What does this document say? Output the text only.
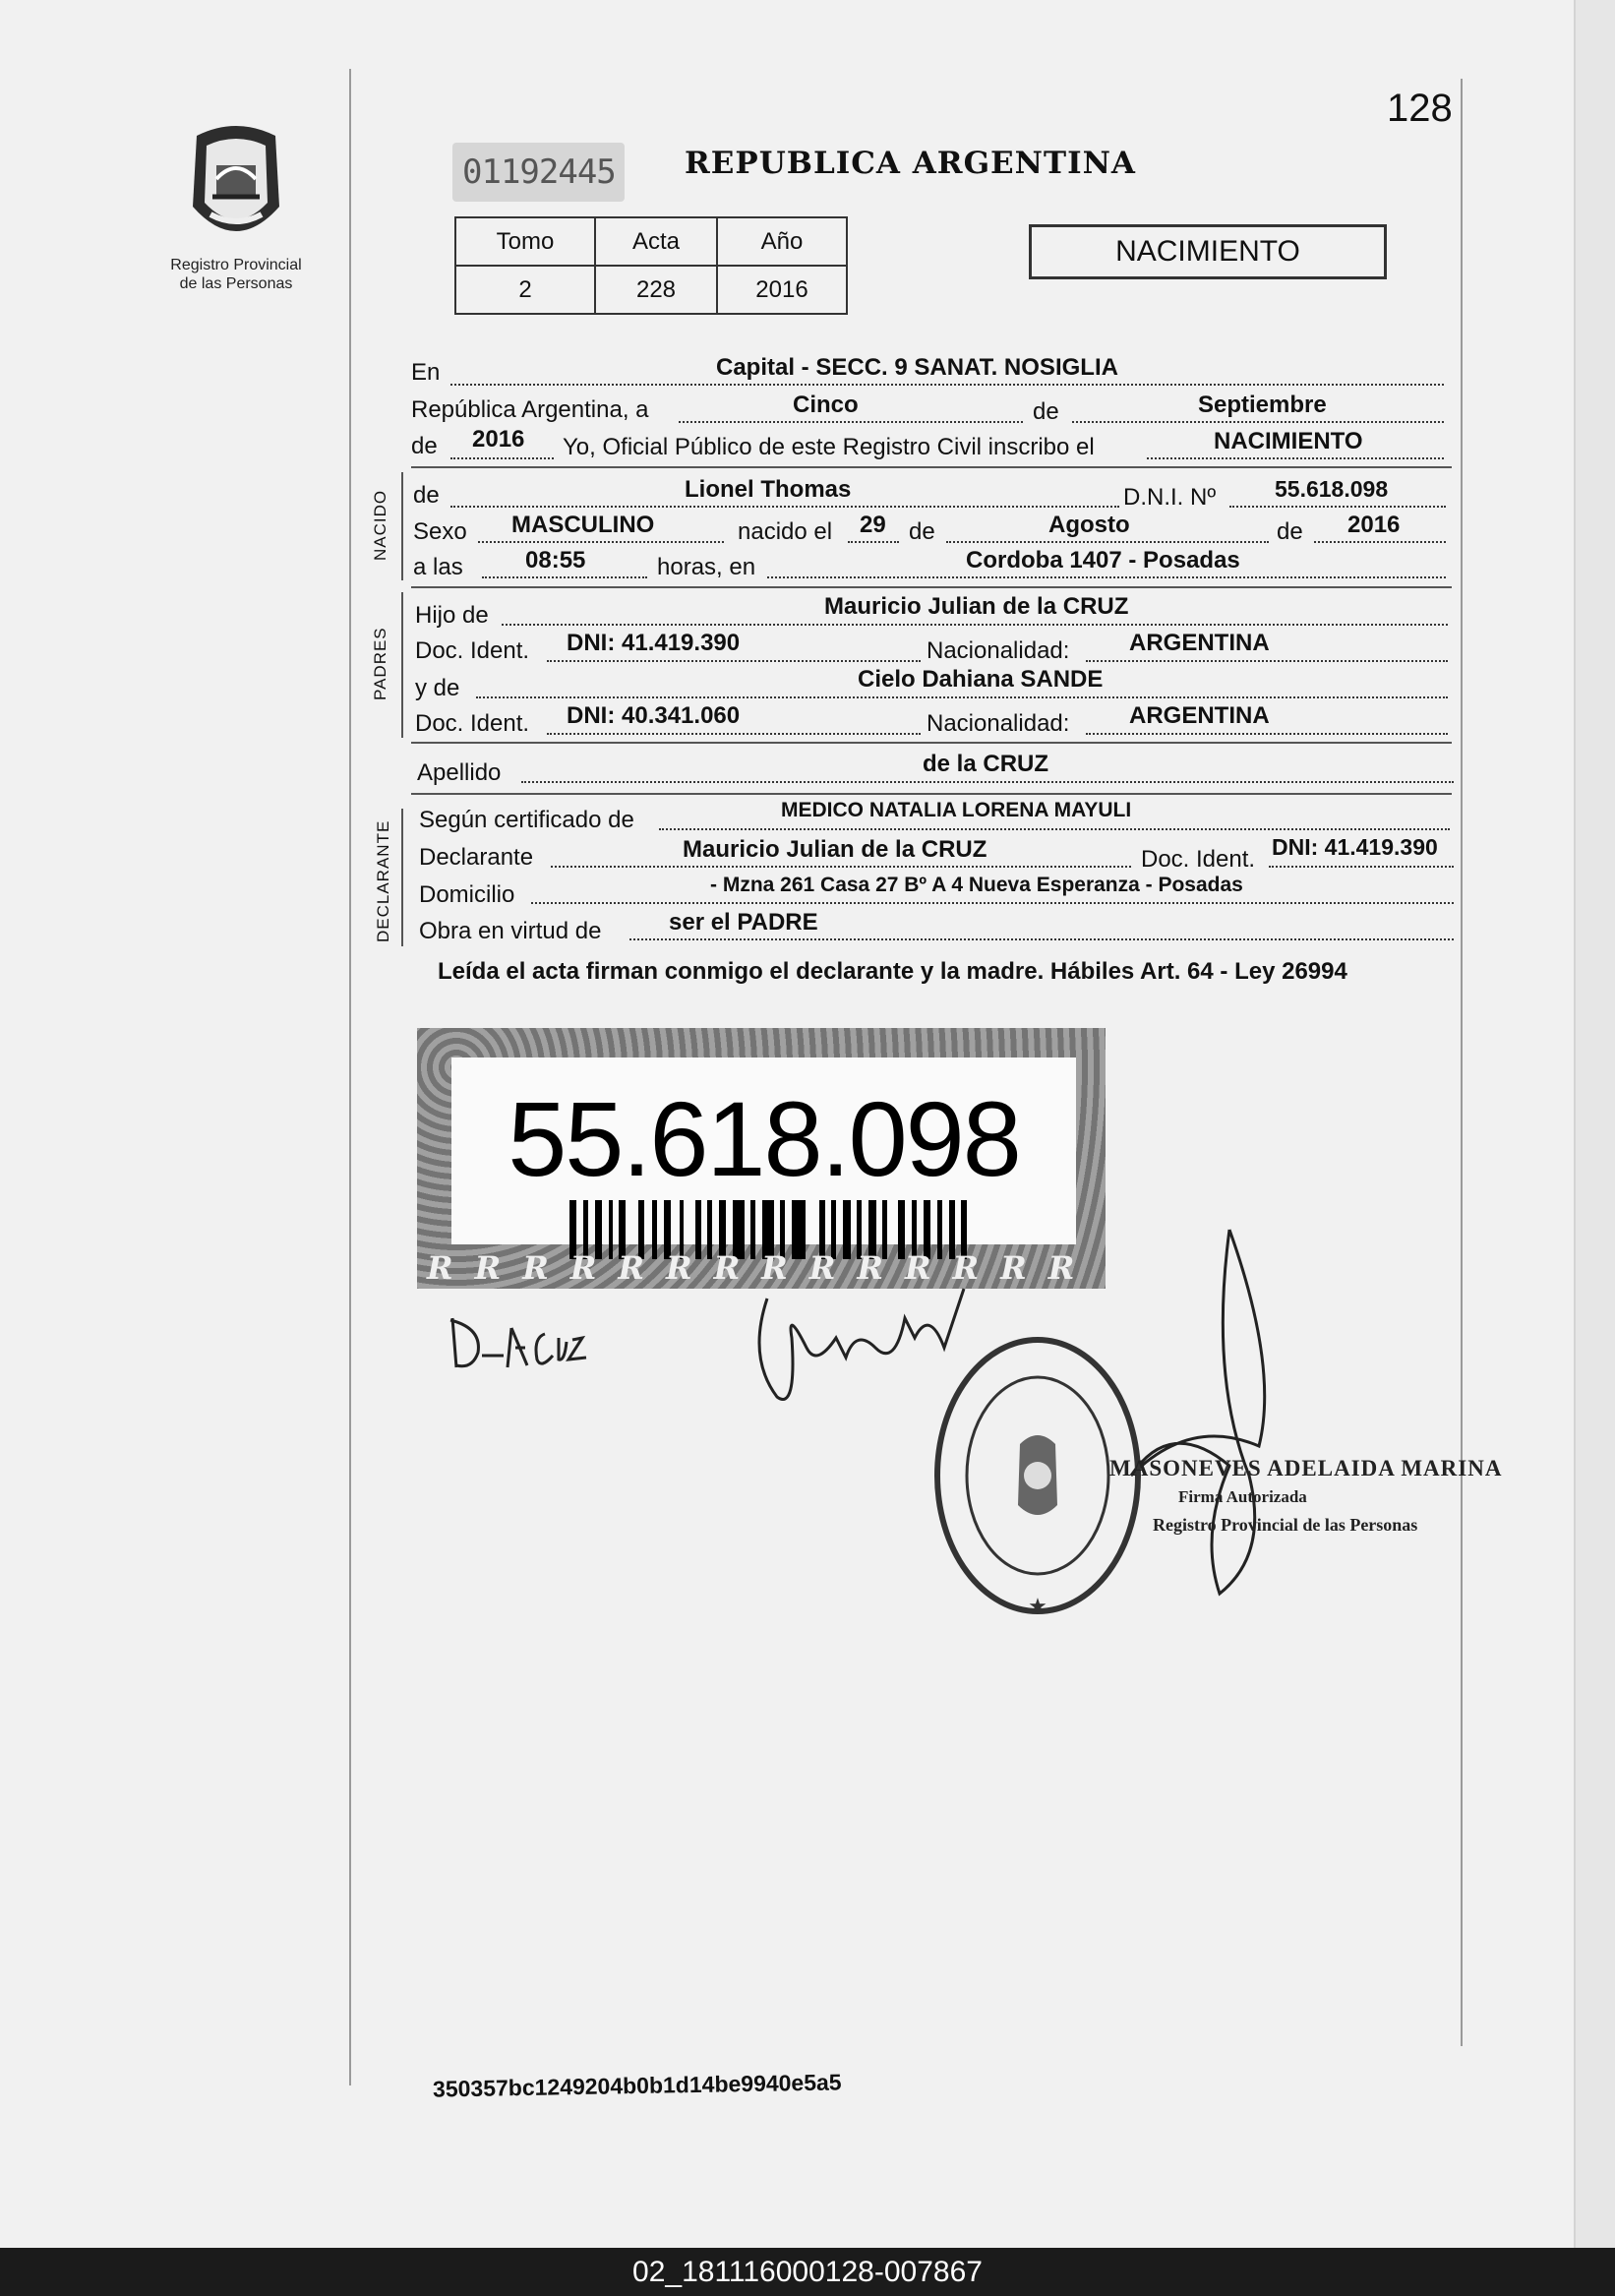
Registro Provincial
de las Personas
128
01192445 REPUBLICA ARGENTINA
Tomo	Acta	Año
2	228	2016
NACIMIENTO
En	Capital - SECC. 9 SANAT. NOSIGLIA
República Argentina, a	Cinco	de	Septiembre
de 2016 Yo, Oficial Público de este Registro Civil inscribo el	NACIMIENTO
NACIDO de	Lionel Thomas	D.N.I. Nº	55.618.098
Sexo MASCULINO	nacido el 29 de	Agosto	de 2016
a las	08:55	horas, en	Cordoba 1407 - Posadas
PADRES
Hijo de	Mauricio Julian de la CRUZ
Doc. Ident. DNI: 41.419.390	Nacionalidad:	ARGENTINA
y de	Cielo Dahiana SANDE
Doc. Ident. DNI: 40.341.060	Nacionalidad:	ARGENTINA
Apellido	de la CRUZ
DECLARANTE
Según certificado de	MEDICO NATALIA LORENA MAYULI
Declarante	Mauricio Julian de la CRUZ	Doc. Ident. DNI: 41.419.390
Domicilio	- Mzna 261 Casa 27 Bº A 4 Nueva Esperanza - Posadas
Obra en virtud de	ser el PADRE
Leída el acta firman conmigo el declarante y la madre. Hábiles Art. 64 - Ley 26994
55.618.098
RRRRRRRRRRRRRR
★
MASONEVES ADELAIDA MARINA
Firma Autorizada
Registro Provincial de las Personas
350357bc1249204b0b1d14be9940e5a5
02_181116000128-007867
